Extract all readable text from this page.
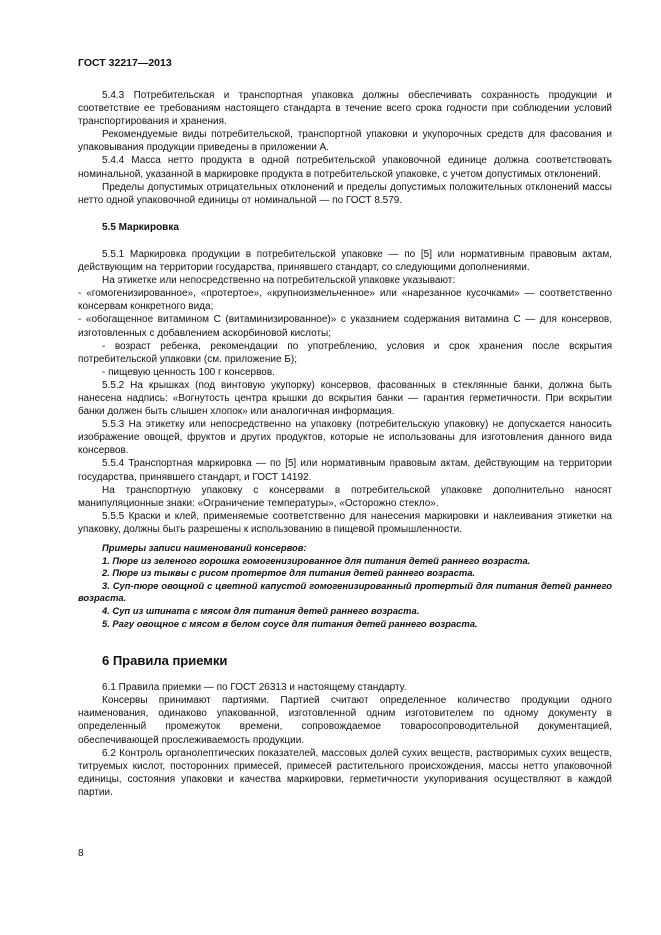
ГОСТ 32217—2013

5.4.3 Потребительская и транспортная упаковка должны обеспечивать сохранность продукции и соответствие ее требованиям настоящего стандарта в течение всего срока годности при соблюдении условий транспортирования и хранения.

Рекомендуемые виды потребительской, транспортной упаковки и укупорочных средств для фасования и упаковывания продукции приведены в приложении А.

5.4.4 Масса нетто продукта в одной потребительской упаковочной единице должна соответствовать номинальной, указанной в маркировке продукта в потребительской упаковке, с учетом допустимых отклонений.

Пределы допустимых отрицательных отклонений и пределы допустимых положительных отклонений массы нетто одной упаковочной единицы от номинальной — по ГОСТ 8.579.

5.5 Маркировка

5.5.1 Маркировка продукции в потребительской упаковке — по [5] или нормативным правовым актам, действующим на территории государства, принявшего стандарт, со следующими дополнениями.

На этикетке или непосредственно на потребительской упаковке указывают:

- «гомогенизированное», «протертое», «крупноизмельченное» или «нарезанное кусочками» — соответственно консервам конкретного вида;

- «обогащенное витамином С (витаминизированное)» с указанием содержания витамина С — для консервов, изготовленных с добавлением аскорбиновой кислоты;

- возраст ребенка, рекомендации по употреблению, условия и срок хранения после вскрытия потребительской упаковки (см. приложение Б);

- пищевую ценность 100 г консервов.

5.5.2 На крышках (под винтовую укупорку) консервов, фасованных в стеклянные банки, должна быть нанесена надпись: «Вогнутость центра крышки до вскрытия банки — гарантия герметичности. При вскрытии банки должен быть слышен хлопок» или аналогичная информация.

5.5.3 На этикетку или непосредственно на упаковку (потребительскую упаковку) не допускается наносить изображение овощей, фруктов и других продуктов, которые не использованы для изготовления данного вида консервов.

5.5.4 Транспортная маркировка — по [5] или нормативным правовым актам, действующим на территории государства, принявшего стандарт, и ГОСТ 14192.

На транспортную упаковку с консервами в потребительской упаковке дополнительно наносят манипуляционные знаки: «Ограничение температуры», «Осторожно стекло».

5.5.5 Краски и клей, применяемые соответственно для нанесения маркировки и наклеивания этикетки на упаковку, должны быть разрешены к использованию в пищевой промышленности.

Примеры записи наименований консервов:

1. Пюре из зеленого горошка гомогенизированное для питания детей раннего возраста.

2. Пюре из тыквы с рисом протертое для питания детей раннего возраста.

3. Суп-пюре овощной с цветной капустой гомогенизированный протертый для питания детей раннего возраста.

4. Суп из шпината с мясом для питания детей раннего возраста.

5. Рагу овощное с мясом в белом соусе для питания детей раннего возраста.

6 Правила приемки

6.1 Правила приемки — по ГОСТ 26313 и настоящему стандарту.

Консервы принимают партиями. Партией считают определенное количество продукции одного наименования, одинаково упакованной, изготовленной одним изготовителем по одному документу в определенный промежуток времени, сопровождаемое товаросопроводительной документацией, обеспечивающей прослеживаемость продукции.

6.2 Контроль органолептических показателей, массовых долей сухих веществ, растворимых сухих веществ, титруемых кислот, посторонних примесей, примесей растительного происхождения, массы нетто упаковочной единицы, состояния упаковки и качества маркировки, герметичности укупоривания осуществляют в каждой партии.

8
